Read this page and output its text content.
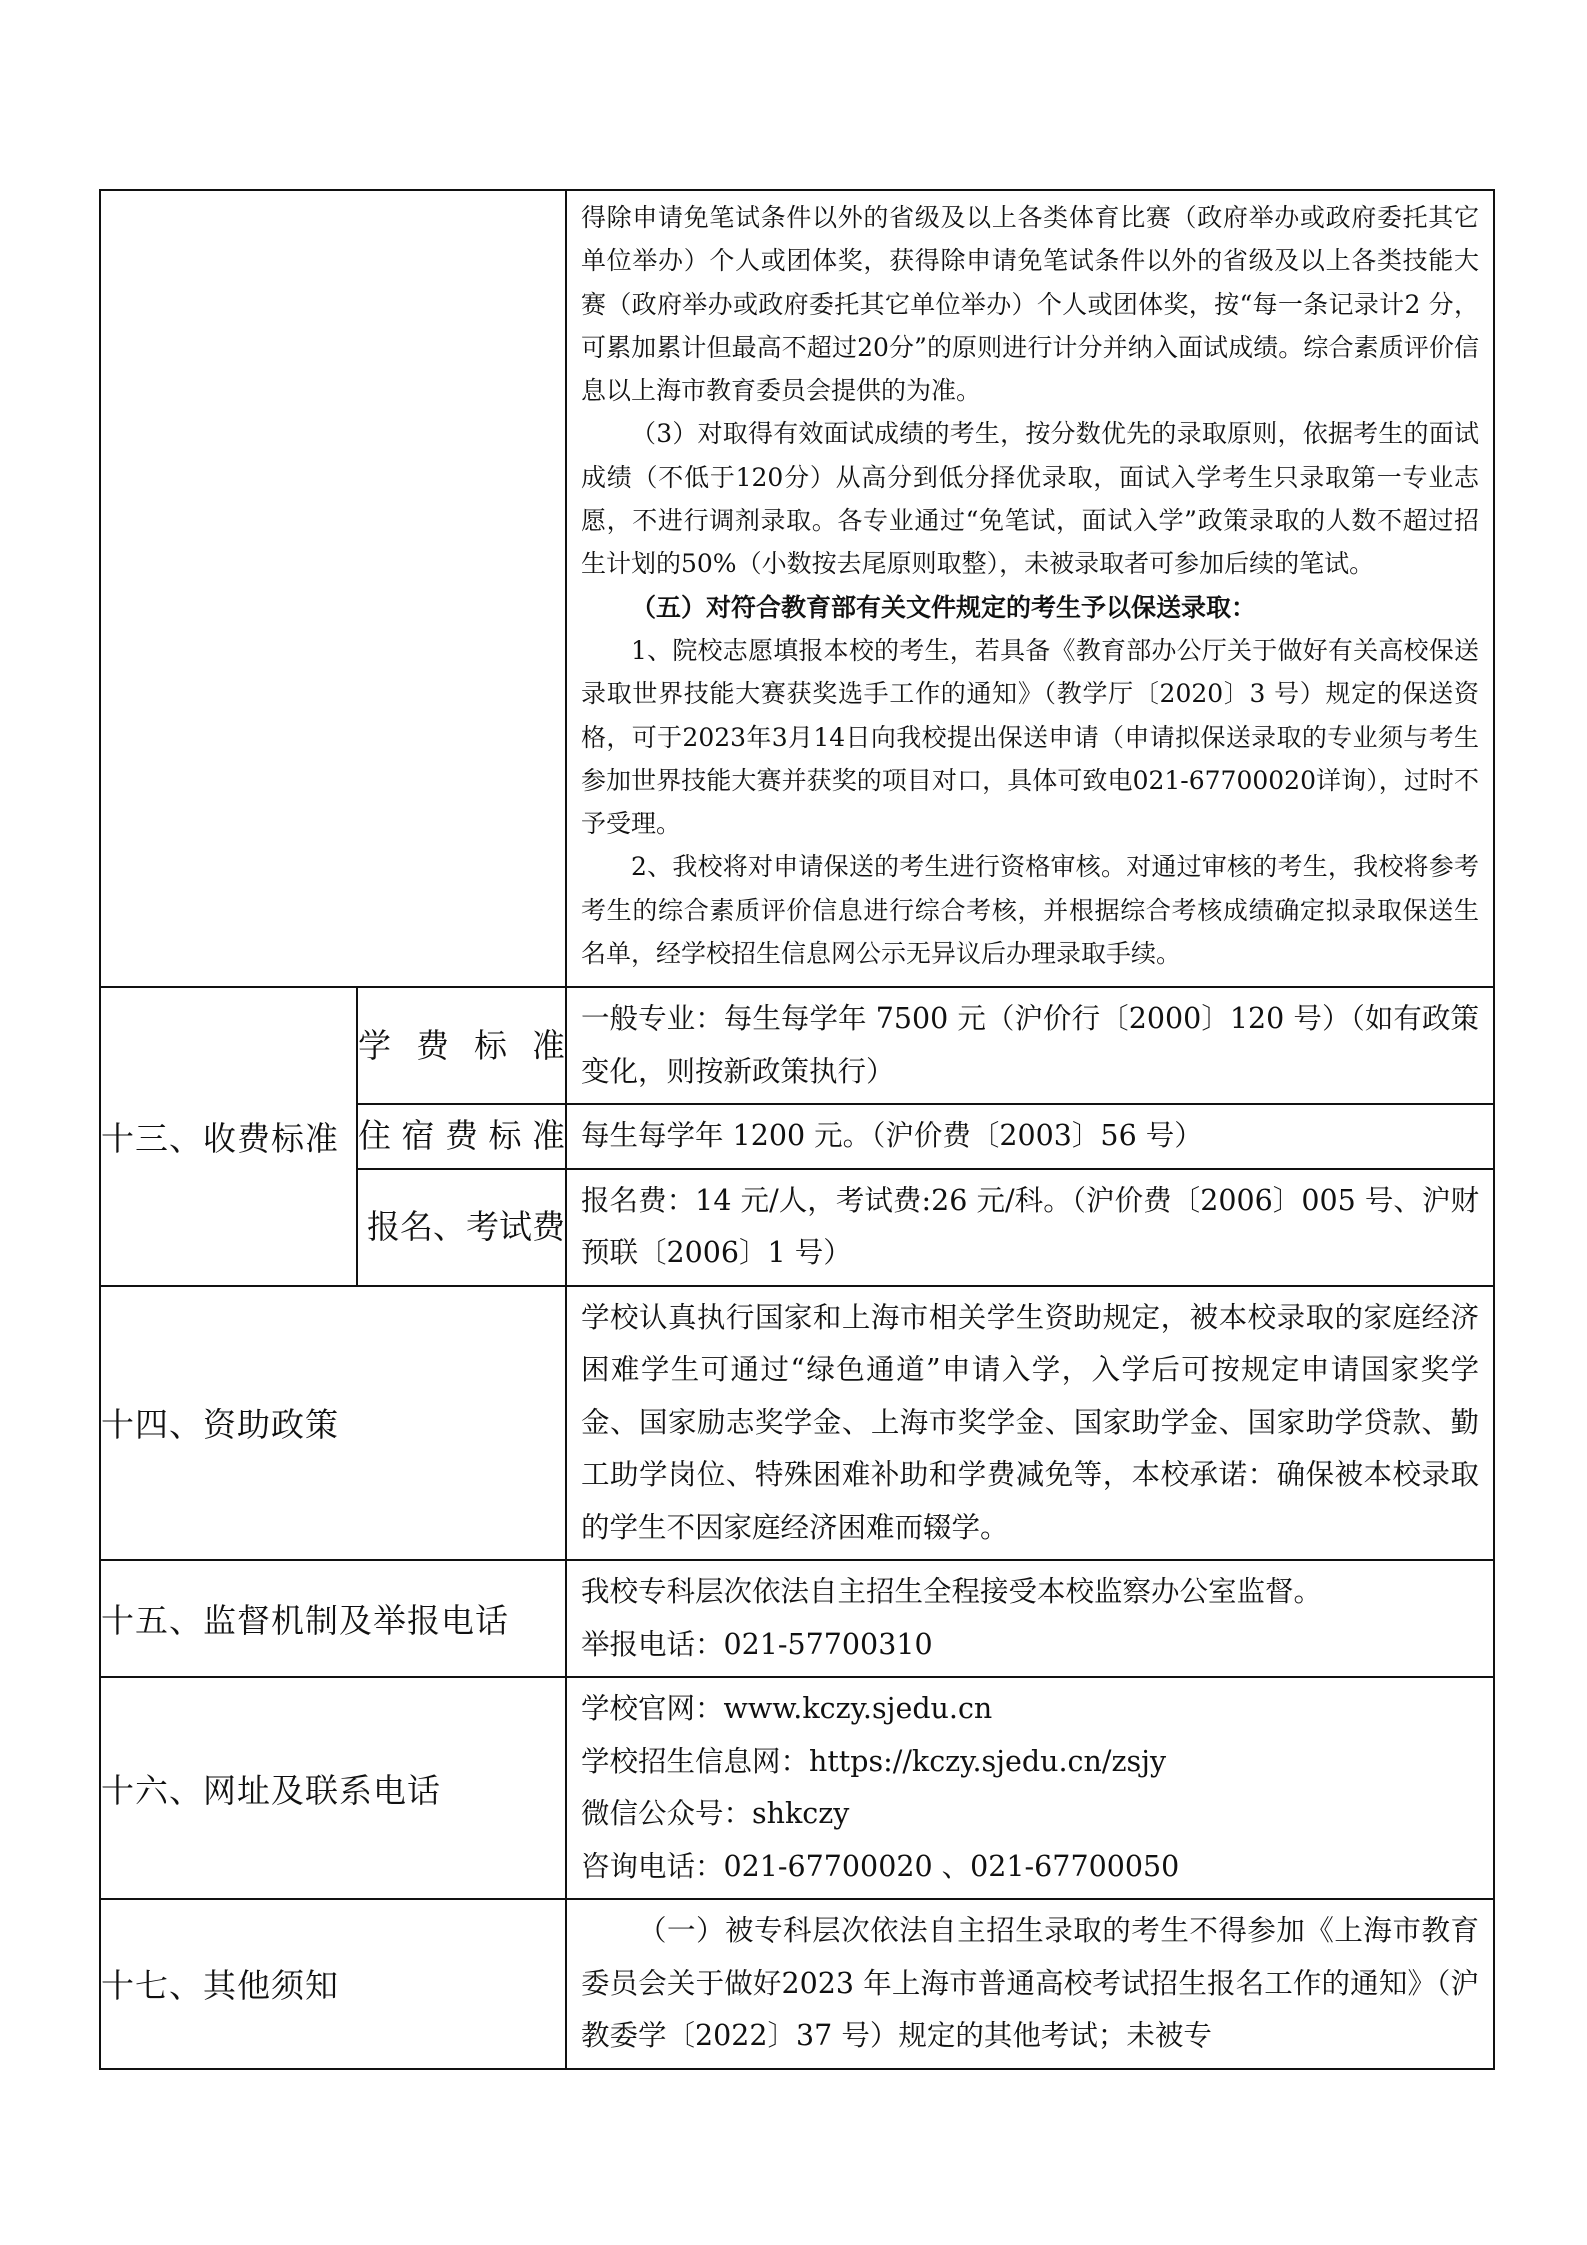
		得除申请免笔试条件以外的省级及以上各类体育比赛（政府举办或政府委托其它单位举办）个人或团体奖，获得除申请免笔试条件以外的省级及以上各类技能大赛（政府举办或政府委托其它单位举办）个人或团体奖，按“每一条记录计2 分，可累加累计但最高不超过20分”的原则进行计分并纳入面试成绩。综合素质评价信息以上海市教育委员会提供的为准。

（3）对取得有效面试成绩的考生，按分数优先的录取原则，依据考生的面试成绩（不低于120分）从高分到低分择优录取，面试入学考生只录取第一专业志愿，不进行调剂录取。各专业通过“免笔试，面试入学”政策录取的人数不超过招生计划的50%（小数按去尾原则取整），未被录取者可参加后续的笔试。

（五）对符合教育部有关文件规定的考生予以保送录取：

1、院校志愿填报本校的考生，若具备《教育部办公厅关于做好有关高校保送录取世界技能大赛获奖选手工作的通知》（教学厅〔2020〕3 号）规定的保送资格，可于2023年3月14日向我校提出保送申请（申请拟保送录取的专业须与考生参加世界技能大赛并获奖的项目对口，具体可致电021-67700020详询），过时不予受理。

2、我校将对申请保送的考生进行资格审核。对通过审核的考生，我校将参考考生的综合素质评价信息进行综合考核，并根据综合考核成绩确定拟录取保送生名单，经学校招生信息网公示无异议后办理录取手续。

十三、收费标准	学费标准	一般专业：每生每学年 7500 元（沪价行〔2000〕120 号）（如有政策变化，则按新政策执行）

	住宿费标准	每生每学年 1200 元。（沪价费〔2003〕56 号）

	报名、考试费	报名费：14 元/人，考试费:26 元/科。（沪价费〔2006〕005 号、沪财预联〔2006〕1 号）

十四、资助政策		学校认真执行国家和上海市相关学生资助规定，被本校录取的家庭经济困难学生可通过“绿色通道”申请入学，入学后可按规定申请国家奖学金、国家励志奖学金、上海市奖学金、国家助学金、国家助学贷款、勤工助学岗位、特殊困难补助和学费减免等，本校承诺：确保被本校录取的学生不因家庭经济困难而辍学。

十五、监督机制及举报电话		我校专科层次依法自主招生全程接受本校监察办公室监督。

举报电话：021-57700310

十六、网址及联系电话		学校官网：www.kczy.sjedu.cn

学校招生信息网：https://kczy.sjedu.cn/zsjy

微信公众号：shkczy

咨询电话：021-67700020 、021-67700050

十七、其他须知		（一）被专科层次依法自主招生录取的考生不得参加《上海市教育委员会关于做好2023 年上海市普通高校考试招生报名工作的通知》（沪教委学〔2022〕37 号）规定的其他考试；未被专
